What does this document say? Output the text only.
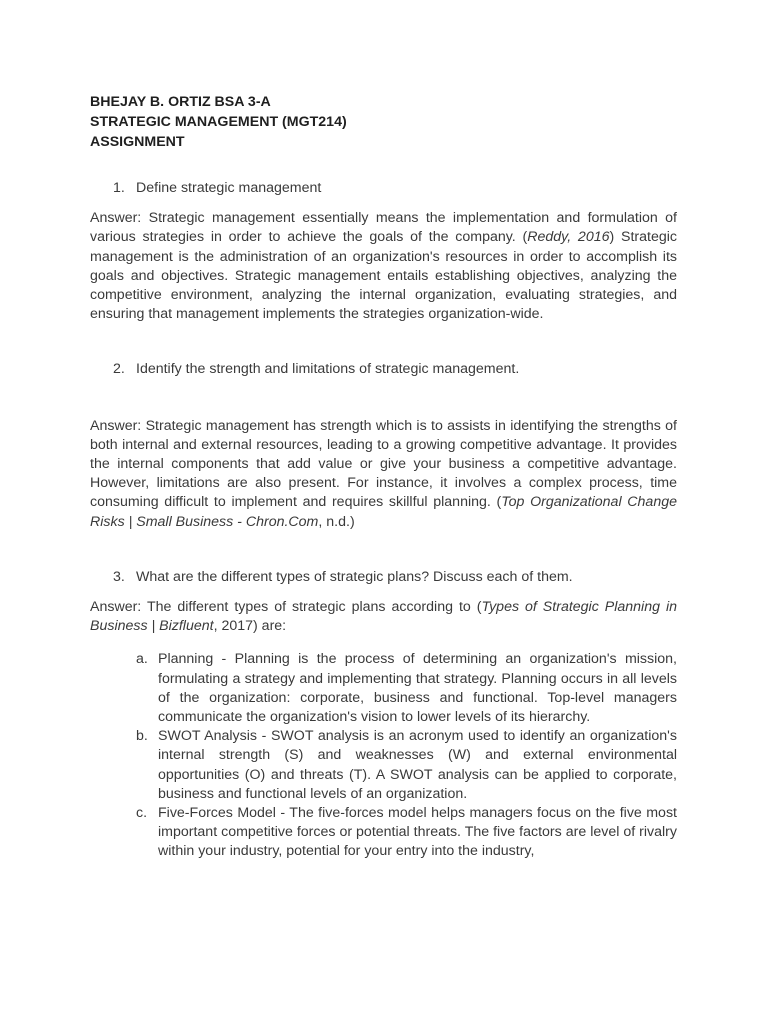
BHEJAY B. ORTIZ BSA 3-A
STRATEGIC MANAGEMENT (MGT214)
ASSIGNMENT
1. Define strategic management
Answer: Strategic management essentially means the implementation and formulation of various strategies in order to achieve the goals of the company. (Reddy, 2016) Strategic management is the administration of an organization's resources in order to accomplish its goals and objectives. Strategic management entails establishing objectives, analyzing the competitive environment, analyzing the internal organization, evaluating strategies, and ensuring that management implements the strategies organization-wide.
2. Identify the strength and limitations of strategic management.
Answer: Strategic management has strength which is to assists in identifying the strengths of both internal and external resources, leading to a growing competitive advantage. It provides the internal components that add value or give your business a competitive advantage. However, limitations are also present. For instance, it involves a complex process, time consuming difficult to implement and requires skillful planning. (Top Organizational Change Risks | Small Business - Chron.Com, n.d.)
3. What are the different types of strategic plans? Discuss each of them.
Answer: The different types of strategic plans according to (Types of Strategic Planning in Business | Bizfluent, 2017) are:
a. Planning - Planning is the process of determining an organization's mission, formulating a strategy and implementing that strategy. Planning occurs in all levels of the organization: corporate, business and functional. Top-level managers communicate the organization's vision to lower levels of its hierarchy.
b. SWOT Analysis - SWOT analysis is an acronym used to identify an organization's internal strength (S) and weaknesses (W) and external environmental opportunities (O) and threats (T). A SWOT analysis can be applied to corporate, business and functional levels of an organization.
c. Five-Forces Model - The five-forces model helps managers focus on the five most important competitive forces or potential threats. The five factors are level of rivalry within your industry, potential for your entry into the industry,
